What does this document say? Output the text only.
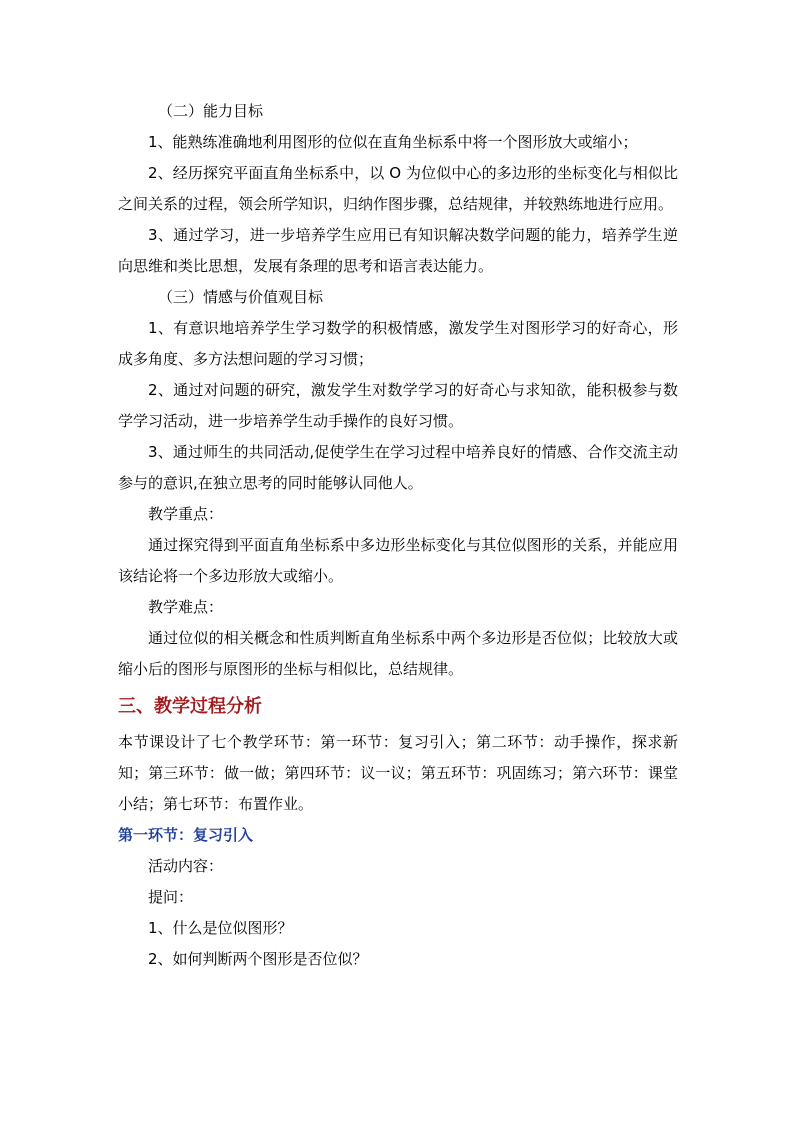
（二）能力目标

1、能熟练准确地利用图形的位似在直角坐标系中将一个图形放大或缩小；

2、经历探究平面直角坐标系中，以 O 为位似中心的多边形的坐标变化与相似比之间关系的过程，领会所学知识，归纳作图步骤，总结规律，并较熟练地进行应用。

3、通过学习，进一步培养学生应用已有知识解决数学问题的能力，培养学生逆向思维和类比思想，发展有条理的思考和语言表达能力。

（三）情感与价值观目标

1、有意识地培养学生学习数学的积极情感，激发学生对图形学习的好奇心，形成多角度、多方法想问题的学习习惯；

2、通过对问题的研究，激发学生对数学学习的好奇心与求知欲，能积极参与数学学习活动，进一步培养学生动手操作的良好习惯。

3、通过师生的共同活动,促使学生在学习过程中培养良好的情感、合作交流主动参与的意识,在独立思考的同时能够认同他人。

教学重点：

通过探究得到平面直角坐标系中多边形坐标变化与其位似图形的关系，并能应用该结论将一个多边形放大或缩小。

教学难点：

通过位似的相关概念和性质判断直角坐标系中两个多边形是否位似；比较放大或缩小后的图形与原图形的坐标与相似比，总结规律。

三、教学过程分析

本节课设计了七个教学环节：第一环节：复习引入；第二环节：动手操作，探求新知；第三环节：做一做；第四环节：议一议；第五环节：巩固练习；第六环节：课堂小结；第七环节：布置作业。

第一环节：复习引入
活动内容：
提问：
1、什么是位似图形？
2、如何判断两个图形是否位似？
